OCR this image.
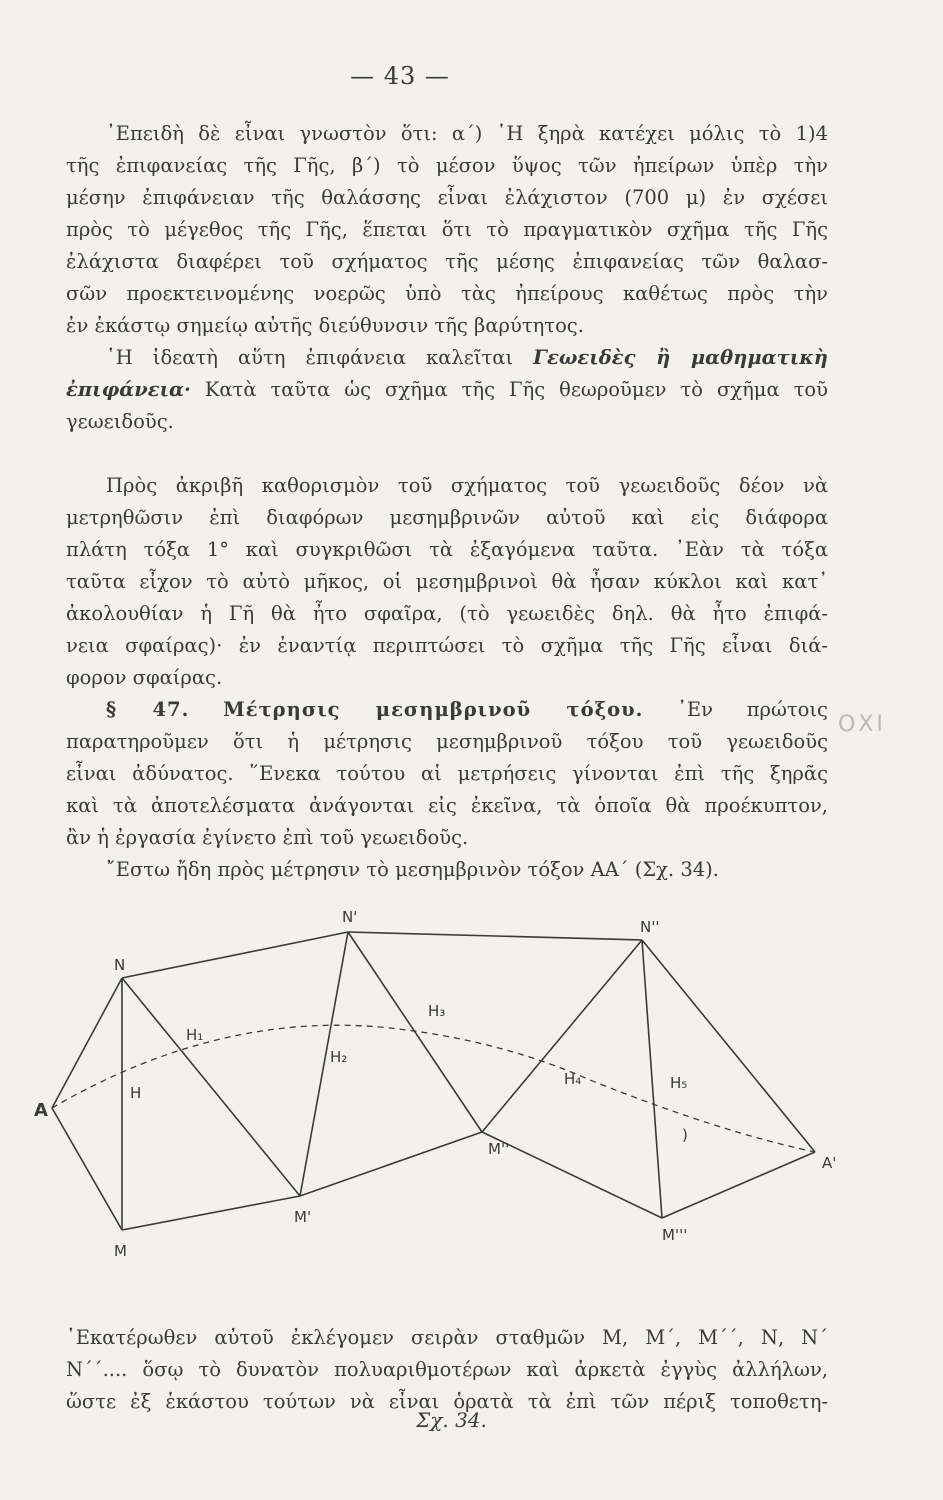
— 43 —
᾿Επειδὴ δὲ εἶναι γνωστὸν ὅτι: α΄) ῾Η ξηρὰ κατέχει μόλις τὸ 1)4
τῆς ἐπιφανείας τῆς Γῆς, β΄) τὸ μέσον ὕψος τῶν ἠπείρων ὑπὲρ τὴν
μέσην ἐπιφάνειαν τῆς θαλάσσης εἶναι ἐλάχιστον (700 μ) ἐν σχέσει
πρὸς τὸ μέγεθος τῆς Γῆς, ἕπεται ὅτι τὸ πραγματικὸν σχῆμα τῆς Γῆς
ἐλάχιστα διαφέρει τοῦ σχήματος τῆς μέσης ἐπιφανείας τῶν θαλασ-
σῶν προεκτεινομένης νοερῶς ὑπὸ τὰς ἠπείρους καθέτως πρὸς τὴν
ἐν ἑκάστῳ σημείῳ αὐτῆς διεύθυνσιν τῆς βαρύτητος.
῾Η ἰδεατὴ αὕτη ἐπιφάνεια καλεῖται Γεωειδὲς ἢ μαθηματικὴ
ἐπιφάνεια· Κατὰ ταῦτα ὡς σχῆμα τῆς Γῆς θεωροῦμεν τὸ σχῆμα τοῦ
γεωειδοῦς.
Πρὸς ἀκριβῆ καθορισμὸν τοῦ σχήματος τοῦ γεωειδοῦς δέον νὰ
μετρηθῶσιν ἐπὶ διαφόρων μεσημβρινῶν αὐτοῦ καὶ εἰς διάφορα
πλάτη τόξα 1° καὶ συγκριθῶσι τὰ ἐξαγόμενα ταῦτα. ᾿Εὰν τὰ τόξα
ταῦτα εἶχον τὸ αὐτὸ μῆκος, οἱ μεσημβρινοὶ θὰ ἦσαν κύκλοι καὶ κατ᾿
ἀκολουθίαν ἡ Γῆ θὰ ἦτο σφαῖρα, (τὸ γεωειδὲς δηλ. θὰ ἦτο ἐπιφά-
νεια σφαίρας)· ἐν ἐναντίᾳ περιπτώσει τὸ σχῆμα τῆς Γῆς εἶναι διά-
φορον σφαίρας.
§ 47. Μέτρησις μεσημβρινοῦ τόξου. ᾿Εν πρώτοις
παρατηροῦμεν ὅτι ἡ μέτρησις μεσημβρινοῦ τόξου τοῦ γεωειδοῦς
εἶναι ἀδύνατος. ῞Ενεκα τούτου αἱ μετρήσεις γίνονται ἐπὶ τῆς ξηρᾶς
καὶ τὰ ἀποτελέσματα ἀνάγονται εἰς ἐκεῖνα, τὰ ὁποῖα θὰ προέκυπτον,
ἂν ἡ ἐργασία ἐγίνετο ἐπὶ τοῦ γεωειδοῦς.
῎Εστω ἤδη πρὸς μέτρησιν τὸ μεσημβρινὸν τόξον ΑΑ΄ (Σχ. 34).
ΟΧΙ
A
A'
N
N'
N''
M
M'
M''
M'''
H
H₁
H₂
H₃
H₄	H₅
)
Σχ. 34.
῾Εκατέρωθεν αὐτοῦ ἐκλέγομεν σειρὰν σταθμῶν Μ, Μ΄, Μ΄΄, Ν, Ν΄
Ν΄΄.... ὅσῳ τὸ δυνατὸν πολυαριθμοτέρων καὶ ἀρκετὰ ἐγγὺς ἀλλήλων,
ὥστε ἐξ ἑκάστου τούτων νὰ εἶναι ὁρατὰ τὰ ἐπὶ τῶν πέριξ τοποθετη-
